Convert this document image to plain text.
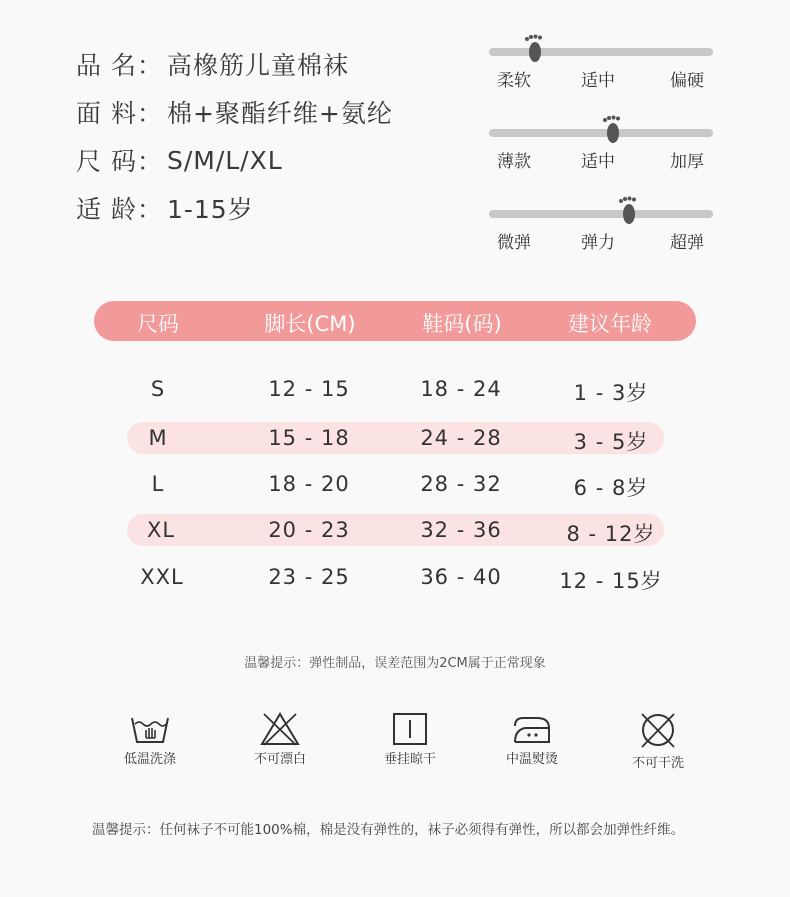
品 名： 高橡筋儿童棉袜
面 料： 棉+聚酯纤维+氨纶
尺 码： S/M/L/XL
适 龄： 1-15岁
柔软	适中	偏硬
薄款	适中	加厚
微弹	弹力	超弹
尺码	脚长(CM)	鞋码(码)	建议年龄
S	12 - 15	18 - 24	1 - 3岁
M	15 - 18	24 - 28	3 - 5岁
L	18 - 20	28 - 32	6 - 8岁
XL	20 - 23	32 - 36	8 - 12岁
XXL	23 - 25	36 - 40	12 - 15岁
温馨提示：弹性制品，误差范围为2CM属于正常现象
低温洗涤	不可漂白	垂挂晾干	中温熨烫	不可干洗
温馨提示：任何袜子不可能100%棉，棉是没有弹性的，袜子必须得有弹性，所以都会加弹性纤维。
